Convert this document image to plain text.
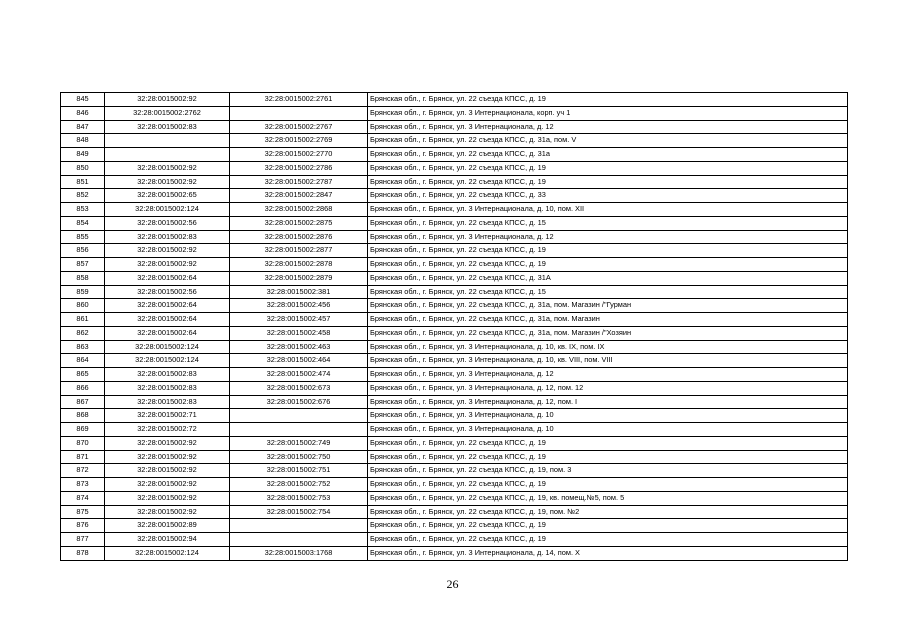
845	32:28:0015002:92	32:28:0015002:2761	Брянская обл., г. Брянск, ул. 22 съезда КПСС, д. 19
846	32:28:0015002:2762		Брянская обл., г. Брянск, ул. 3 Интернационала, корп. уч 1
847	32:28:0015002:83	32:28:0015002:2767	Брянская обл., г. Брянск, ул. 3 Интернационала, д. 12
848		32:28:0015002:2769	Брянская обл., г. Брянск, ул. 22 съезда КПСС, д. 31а, пом. V
849		32:28:0015002:2770	Брянская обл., г. Брянск, ул. 22 съезда КПСС, д. 31а
850	32:28:0015002:92	32:28:0015002:2786	Брянская обл., г. Брянск, ул. 22 съезда КПСС, д. 19
851	32:28:0015002:92	32:28:0015002:2787	Брянская обл., г. Брянск, ул. 22 съезда КПСС, д. 19
852	32:28:0015002:65	32:28:0015002:2847	Брянская обл., г. Брянск, ул. 22 съезда КПСС, д. 33
853	32:28:0015002:124	32:28:0015002:2868	Брянская обл., г. Брянск, ул. 3 Интернационала, д. 10, пом. XII
854	32:28:0015002:56	32:28:0015002:2875	Брянская обл., г. Брянск, ул. 22 съезда КПСС, д. 15
855	32:28:0015002:83	32:28:0015002:2876	Брянская обл., г. Брянск, ул. 3 Интернационала, д. 12
856	32:28:0015002:92	32:28:0015002:2877	Брянская обл., г. Брянск, ул. 22 съезда КПСС, д. 19
857	32:28:0015002:92	32:28:0015002:2878	Брянская обл., г. Брянск, ул. 22 съезда КПСС, д. 19
858	32:28:0015002:64	32:28:0015002:2879	Брянская обл., г. Брянск, ул. 22 съезда КПСС, д. 31А
859	32:28:0015002:56	32:28:0015002:381	Брянская обл., г. Брянск, ул. 22 съезда КПСС, д. 15
860	32:28:0015002:64	32:28:0015002:456	Брянская обл., г. Брянск, ул. 22 съезда КПСС, д. 31а, пом. Магазин /"Гурман
861	32:28:0015002:64	32:28:0015002:457	Брянская обл., г. Брянск, ул. 22 съезда КПСС, д. 31а, пом. Магазин
862	32:28:0015002:64	32:28:0015002:458	Брянская обл., г. Брянск, ул. 22 съезда КПСС, д. 31а, пом. Магазин /"Хозяин
863	32:28:0015002:124	32:28:0015002:463	Брянская обл., г. Брянск, ул. 3 Интернационала, д. 10, кв. IX, пом. IX
864	32:28:0015002:124	32:28:0015002:464	Брянская обл., г. Брянск, ул. 3 Интернационала, д. 10, кв. VIII, пом. VIII
865	32:28:0015002:83	32:28:0015002:474	Брянская обл., г. Брянск, ул. 3 Интернационала, д. 12
866	32:28:0015002:83	32:28:0015002:673	Брянская обл., г. Брянск, ул. 3 Интернационала, д. 12, пом. 12
867	32:28:0015002:83	32:28:0015002:676	Брянская обл., г. Брянск, ул. 3 Интернационала, д. 12, пом. I
868	32:28:0015002:71		Брянская обл., г. Брянск, ул. 3 Интернационала, д. 10
869	32:28:0015002:72		Брянская обл., г. Брянск, ул. 3 Интернационала, д. 10
870	32:28:0015002:92	32:28:0015002:749	Брянская обл., г. Брянск, ул. 22 съезда КПСС, д. 19
871	32:28:0015002:92	32:28:0015002:750	Брянская обл., г. Брянск, ул. 22 съезда КПСС, д. 19
872	32:28:0015002:92	32:28:0015002:751	Брянская обл., г. Брянск, ул. 22 съезда КПСС, д. 19, пом. 3
873	32:28:0015002:92	32:28:0015002:752	Брянская обл., г. Брянск, ул. 22 съезда КПСС, д. 19
874	32:28:0015002:92	32:28:0015002:753	Брянская обл., г. Брянск, ул. 22 съезда КПСС, д. 19, кв. помещ.№5, пом. 5
875	32:28:0015002:92	32:28:0015002:754	Брянская обл., г. Брянск, ул. 22 съезда КПСС, д. 19, пом. №2
876	32:28:0015002:89		Брянская обл., г. Брянск, ул. 22 съезда КПСС, д. 19
877	32:28:0015002:94		Брянская обл., г. Брянск, ул. 22 съезда КПСС, д. 19
878	32:28:0015002:124	32:28:0015003:1768	Брянская обл., г. Брянск, ул. 3 Интернационала, д. 14, пом. X
26
